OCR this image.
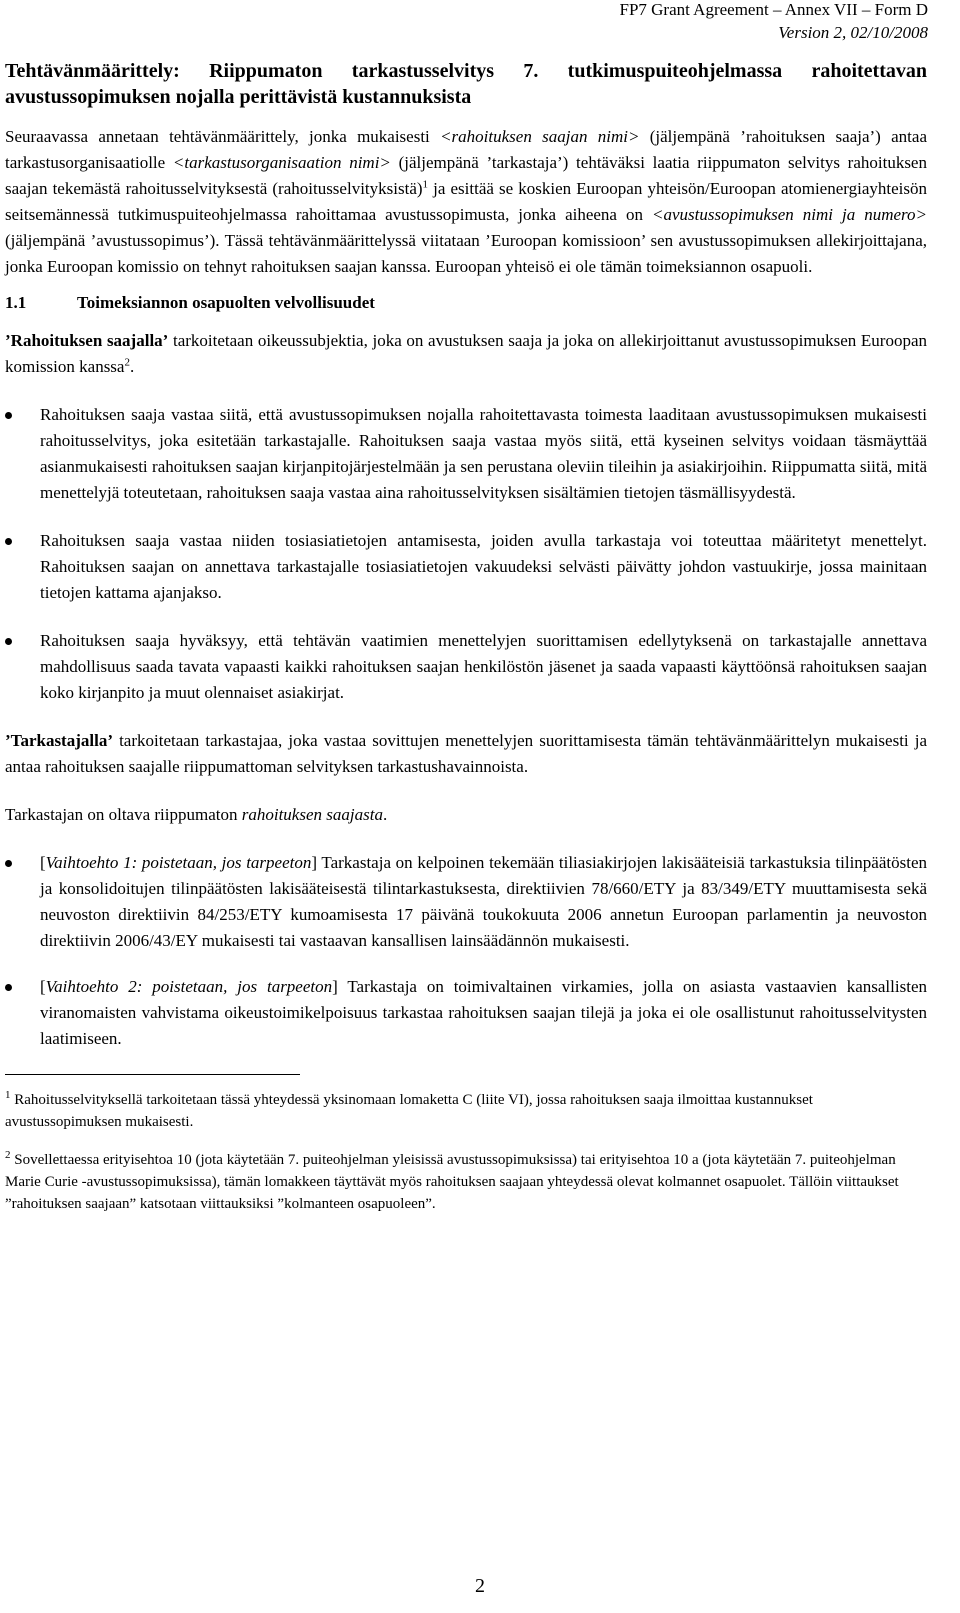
FP7 Grant Agreement – Annex VII – Form D
Version 2, 02/10/2008

Tehtävänmäärittely: Riippumaton tarkastusselvitys 7. tutkimuspuiteohjelmassa rahoitettavan avustussopimuksen nojalla perittävistä kustannuksista

Seuraavassa annetaan tehtävänmäärittely, jonka mukaisesti <rahoituksen saajan nimi> (jäljempänä ’rahoituksen saaja’) antaa tarkastusorganisaatiolle <tarkastusorganisaation nimi> (jäljempänä ’tarkastaja’) tehtäväksi laatia riippumaton selvitys rahoituksen saajan tekemästä rahoitusselvityksestä (rahoitusselvityksistä)$^1$ ja esittää se koskien Euroopan yhteisön/Euroopan atomienergiayhteisön seitsemännessä tutkimuspuiteohjelmassa rahoittamaa avustussopimusta, jonka aiheena on <avustussopimuksen nimi ja numero> (jäljempänä ’avustussopimus’). Tässä tehtävänmäärittelyssä viitataan ’Euroopan komissioon’ sen avustussopimuksen allekirjoittajana, jonka Euroopan komissio on tehnyt rahoituksen saajan kanssa. Euroopan yhteisö ei ole tämän toimeksiannon osapuoli.

1.1	Toimeksiannon osapuolten velvollisuudet

’Rahoituksen saajalla’ tarkoitetaan oikeussubjektia, joka on avustuksen saaja ja joka on allekirjoittanut avustussopimuksen Euroopan komission kanssa$^2$.

Rahoituksen saaja vastaa siitä, että avustussopimuksen nojalla rahoitettavasta toimesta laaditaan avustussopimuksen mukaisesti rahoitusselvitys, joka esitetään tarkastajalle. Rahoituksen saaja vastaa myös siitä, että kyseinen selvitys voidaan täsmäyttää asianmukaisesti rahoituksen saajan kirjanpitojärjestelmään ja sen perustana oleviin tileihin ja asiakirjoihin. Riippumatta siitä, mitä menettelyjä toteutetaan, rahoituksen saaja vastaa aina rahoitusselvityksen sisältämien tietojen täsmällisyydestä.

Rahoituksen saaja vastaa niiden tosiasiatietojen antamisesta, joiden avulla tarkastaja voi toteuttaa määritetyt menettelyt. Rahoituksen saajan on annettava tarkastajalle tosiasiatietojen vakuudeksi selvästi päivätty johdon vastuukirje, jossa mainitaan tietojen kattama ajanjakso.

Rahoituksen saaja hyväksyy, että tehtävän vaatimien menettelyjen suorittamisen edellytyksenä on tarkastajalle annettava mahdollisuus saada tavata vapaasti kaikki rahoituksen saajan henkilöstön jäsenet ja saada vapaasti käyttöönsä rahoituksen saajan koko kirjanpito ja muut olennaiset asiakirjat.

’Tarkastajalla’ tarkoitetaan tarkastajaa, joka vastaa sovittujen menettelyjen suorittamisesta tämän tehtävänmäärittelyn mukaisesti ja antaa rahoituksen saajalle riippumattoman selvityksen tarkastushavainnoista.

Tarkastajan on oltava riippumaton rahoituksen saajasta.

[Vaihtoehto 1: poistetaan, jos tarpeeton] Tarkastaja on kelpoinen tekemään tiliasiakirjojen lakisääteisiä tarkastuksia tilinpäätösten ja konsolidoitujen tilinpäätösten lakisääteisestä tilintarkastuksesta, direktiivien 78/660/ETY ja 83/349/ETY muuttamisesta sekä neuvoston direktiivin 84/253/ETY kumoamisesta 17 päivänä toukokuuta 2006 annetun Euroopan parlamentin ja neuvoston direktiivin 2006/43/EY mukaisesti tai vastaavan kansallisen lainsäädännön mukaisesti.

[Vaihtoehto 2: poistetaan, jos tarpeeton] Tarkastaja on toimivaltainen virkamies, jolla on asiasta vastaavien kansallisten viranomaisten vahvistama oikeustoimikelpoisuus tarkastaa rahoituksen saajan tilejä ja joka ei ole osallistunut rahoitusselvitysten laatimiseen.

$^1$ Rahoitusselvityksellä tarkoitetaan tässä yhteydessä yksinomaan lomaketta C (liite VI), jossa rahoituksen saaja ilmoittaa kustannukset avustussopimuksen mukaisesti.

$^2$ Sovellettaessa erityisehtoa 10 (jota käytetään 7. puiteohjelman yleisissä avustussopimuksissa) tai erityisehtoa 10 a (jota käytetään 7. puiteohjelman Marie Curie -avustussopimuksissa), tämän lomakkeen täyttävät myös rahoituksen saajaan yhteydessä olevat kolmannet osapuolet. Tällöin viittaukset ”rahoituksen saajaan” katsotaan viittauksiksi ”kolmanteen osapuoleen”.

2
